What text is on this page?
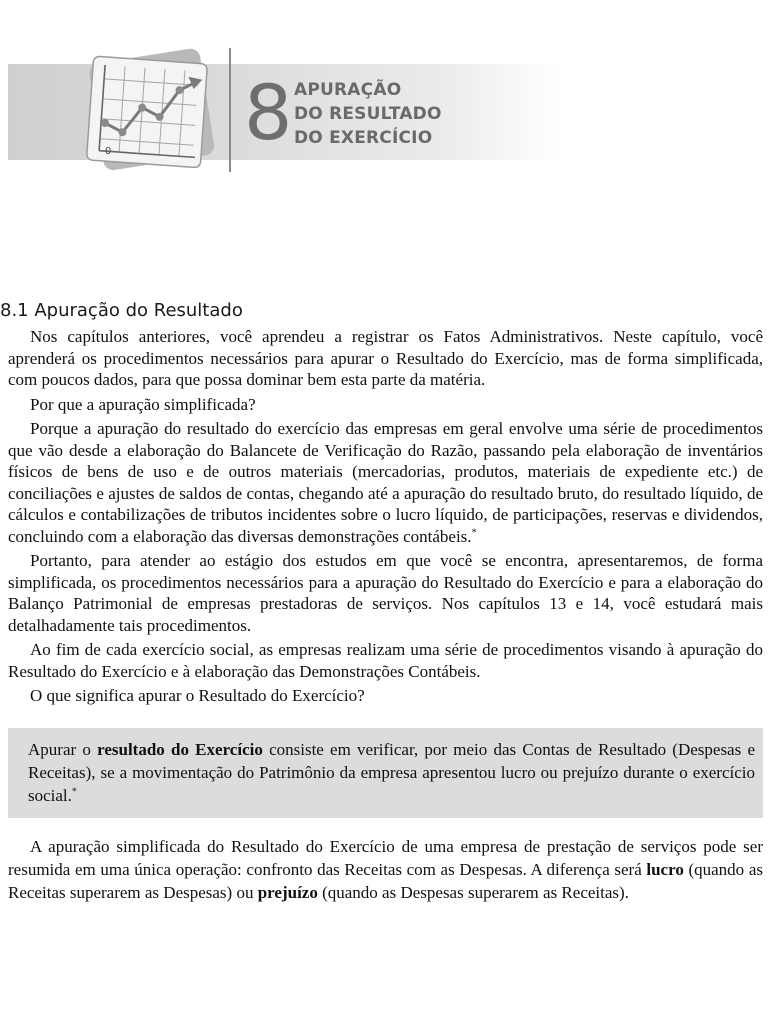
0 8 APURAÇÃO
DO RESULTADO
DO EXERCÍCIO
8.1 Apuração do Resultado

Nos capítulos anteriores, você aprendeu a registrar os Fatos Administrativos. Neste capítulo, você aprenderá os procedimentos necessários para apurar o Resultado do Exercício, mas de forma simplificada, com poucos dados, para que possa dominar bem esta parte da matéria.

Por que a apuração simplificada?

Porque a apuração do resultado do exercício das empresas em geral envolve uma série de procedimentos que vão desde a elaboração do Balancete de Verificação do Razão, passando pela elaboração de inventários físicos de bens de uso e de outros materiais (mercadorias, produtos, materiais de expediente etc.) de conciliações e ajustes de saldos de contas, chegando até a apuração do resultado bruto, do resultado líquido, de cálculos e contabilizações de tributos incidentes sobre o lucro líquido, de participações, reservas e dividendos, concluindo com a elaboração das diversas demonstrações contábeis.*

Portanto, para atender ao estágio dos estudos em que você se encontra, apresentaremos, de forma simplificada, os procedimentos necessários para a apuração do Resultado do Exercício e para a elaboração do Balanço Patrimonial de empresas prestadoras de serviços. Nos capítulos 13 e 14, você estudará mais detalhadamente tais procedimentos.

Ao fim de cada exercício social, as empresas realizam uma série de procedimentos visando à apuração do Resultado do Exercício e à elaboração das Demonstrações Contábeis.

O que significa apurar o Resultado do Exercício?

Apurar o resultado do Exercício consiste em verificar, por meio das Contas de Resultado (Despesas e Receitas), se a movimentação do Patrimônio da empresa apresentou lucro ou prejuízo durante o exercício social.*

A apuração simplificada do Resultado do Exercício de uma empresa de prestação de serviços pode ser resumida em uma única operação: confronto das Receitas com as Despesas. A diferença será lucro (quando as Receitas superarem as Despesas) ou prejuízo (quando as Despesas superarem as Receitas).
